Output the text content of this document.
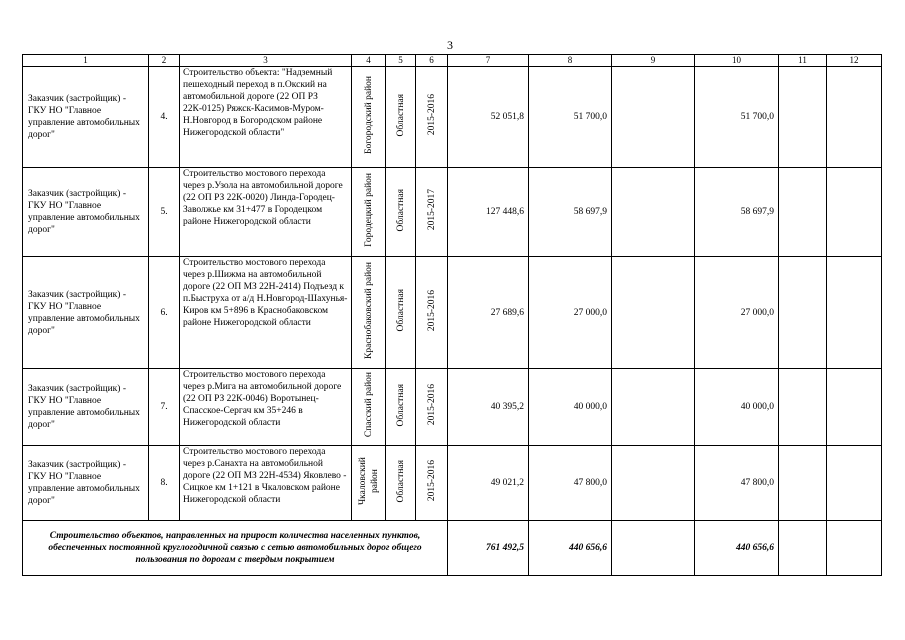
3
1	2	3	4	5	6	7	8	9	10	11	12
Заказчик (застройщик) - ГКУ НО "Главное управление автомобильных дорог"	4.	Строительство объекта: "Надземный пешеходный переход в п.Окский на автомобильной дороге (22 ОП РЗ 22К-0125) Ряжск-Касимов-Муром-Н.Новгород в Богородском районе Нижегородской области"	Богородский район	Областная	2015-2016	52 051,8	51 700,0		51 700,0		
Заказчик (застройщик) - ГКУ НО "Главное управление автомобильных дорог"	5.	Строительство мостового перехода через р.Узола на автомобильной дороге (22 ОП РЗ 22К-0020) Линда-Городец-Заволжье км 31+477 в Городецком районе Нижегородской области	Городецкий район	Областная	2015-2017	127 448,6	58 697,9		58 697,9		
Заказчик (застройщик) - ГКУ НО "Главное управление автомобильных дорог"	6.	Строительство мостового перехода через р.Шижма на автомобильной дороге (22 ОП МЗ 22Н-2414) Подъезд к п.Быструха от а/д Н.Новгород-Шахунья-Киров км 5+896 в Краснобаковском районе Нижегородской области	Краснобаковский район	Областная	2015-2016	27 689,6	27 000,0		27 000,0		
Заказчик (застройщик) - ГКУ НО "Главное управление автомобильных дорог"	7.	Строительство мостового перехода через р.Мига на автомобильной дороге (22 ОП РЗ 22К-0046) Воротынец-Спасское-Сергач км 35+246 в Нижегородской области	Спасский район	Областная	2015-2016	40 395,2	40 000,0		40 000,0		
Заказчик (застройщик) - ГКУ НО "Главное управление автомобильных дорог"	8.	Строительство мостового перехода через р.Санахта на автомобильной дороге (22 ОП МЗ 22Н-4534) Яковлево - Сицкое км 1+121 в Чкаловском районе Нижегородской области	Чкаловский район	Областная	2015-2016	49 021,2	47 800,0		47 800,0		
Строительство объектов, направленных на прирост количества населенных пунктов, обеспеченных постоянной круглогодичной связью с сетью автомобильных дорог общего пользования по дорогам с твердым покрытием						761 492,5	440 656,6		440 656,6		
